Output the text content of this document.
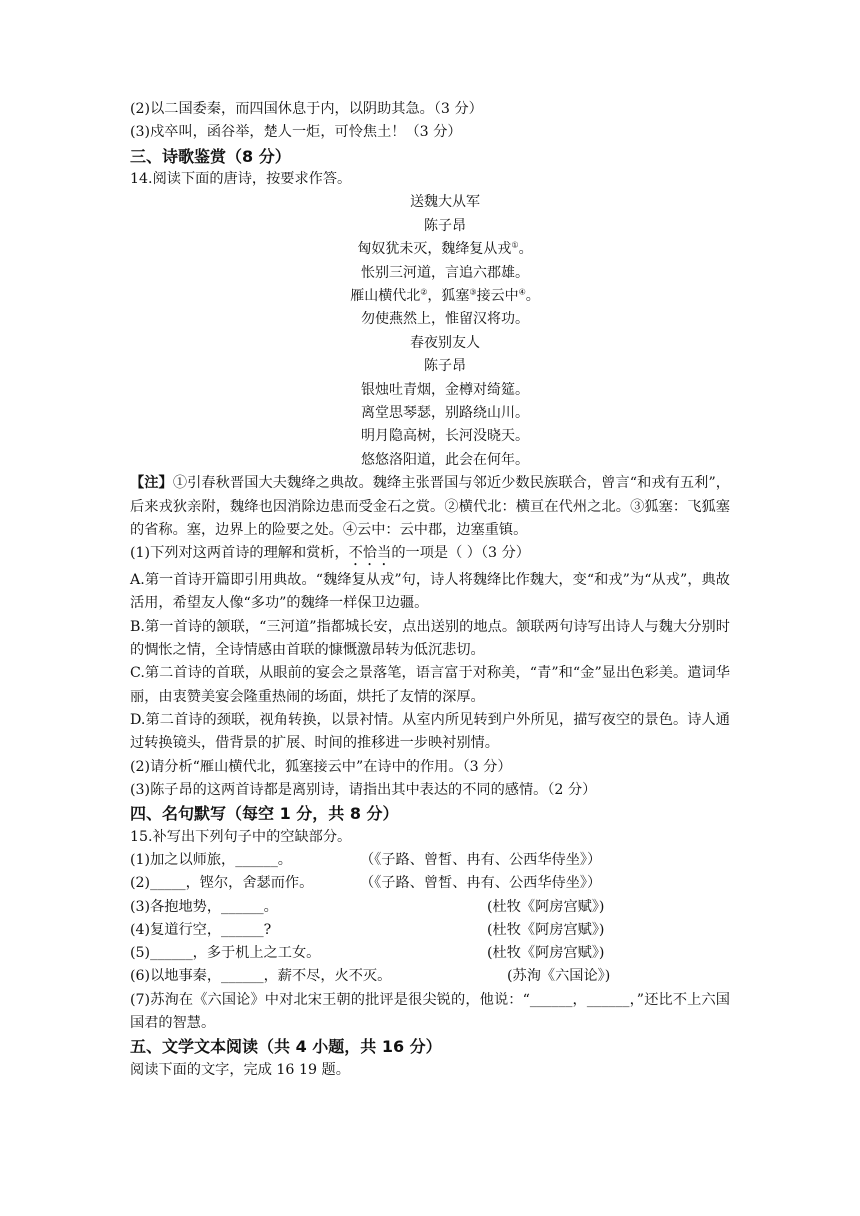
(2)以二国委秦，而四国休息于内，以阴助其急。（3 分）
(3)戍卒叫，函谷举，楚人一炬，可怜焦土！（3 分）
三、诗歌鉴赏（8 分）
14.阅读下面的唐诗，按要求作答。
送魏大从军
陈子昂
匈奴犹未灭，魏绛复从戎①。
怅别三河道，言追六郡雄。
雁山横代北②，狐塞③接云中④。
勿使燕然上，惟留汉将功。
春夜别友人
陈子昂
银烛吐青烟，金樽对绮筵。
离堂思琴瑟，别路绕山川。
明月隐高树，长河没晓天。
悠悠洛阳道，此会在何年。
【注】①引春秋晋国大夫魏绛之典故。魏绛主张晋国与邻近少数民族联合，曾言“和戎有五利”，后来戎狄亲附，魏绛也因消除边患而受金石之赏。②横代北：横亘在代州之北。③狐塞：飞狐塞的省称。塞，边界上的险要之处。④云中：云中郡，边塞重镇。
(1)下列对这两首诗的理解和赏析，不恰当的一项是（ ）（3 分）
A.第一首诗开篇即引用典故。“魏绛复从戎”句，诗人将魏绛比作魏大，变“和戎”为“从戎”，典故活用，希望友人像“多功”的魏绛一样保卫边疆。
B.第一首诗的颔联，“三河道”指都城长安，点出送别的地点。颔联两句诗写出诗人与魏大分别时的惆怅之情，全诗情感由首联的慷慨激昂转为低沉悲切。
C.第二首诗的首联，从眼前的宴会之景落笔，语言富于对称美，“青”和“金”显出色彩美。遣词华丽，由衷赞美宴会隆重热闹的场面，烘托了友情的深厚。
D.第二首诗的颈联，视角转换，以景衬情。从室内所见转到户外所见，描写夜空的景色。诗人通过转换镜头，借背景的扩展、时间的推移进一步映衬别情。
(2)请分析“雁山横代北，狐塞接云中”在诗中的作用。（3 分）
(3)陈子昂的这两首诗都是离别诗，请指出其中表达的不同的感情。（2 分）
四、名句默写（每空 1 分，共 8 分）
15.补写出下列句子中的空缺部分。
(1)加之以师旅，______。	（《子路、曾皙、冉有、公西华侍坐》）
(2)_____，铿尔，舍瑟而作。	（《子路、曾皙、冉有、公西华侍坐》）
(3)各抱地势，______。	(杜牧《阿房宫赋》)
(4)复道行空，______?	(杜牧《阿房宫赋》)
(5)______，多于机上之工女。	(杜牧《阿房宫赋》)
(6)以地事秦，______，薪不尽，火不灭。	(苏洵《六国论》)
(7)苏洵在《六国论》中对北宋王朝的批评是很尖锐的，他说：“______，______，”还比不上六国国君的智慧。
五、文学文本阅读（共 4 小题，共 16 分）
阅读下面的文字，完成 16 19 题。
